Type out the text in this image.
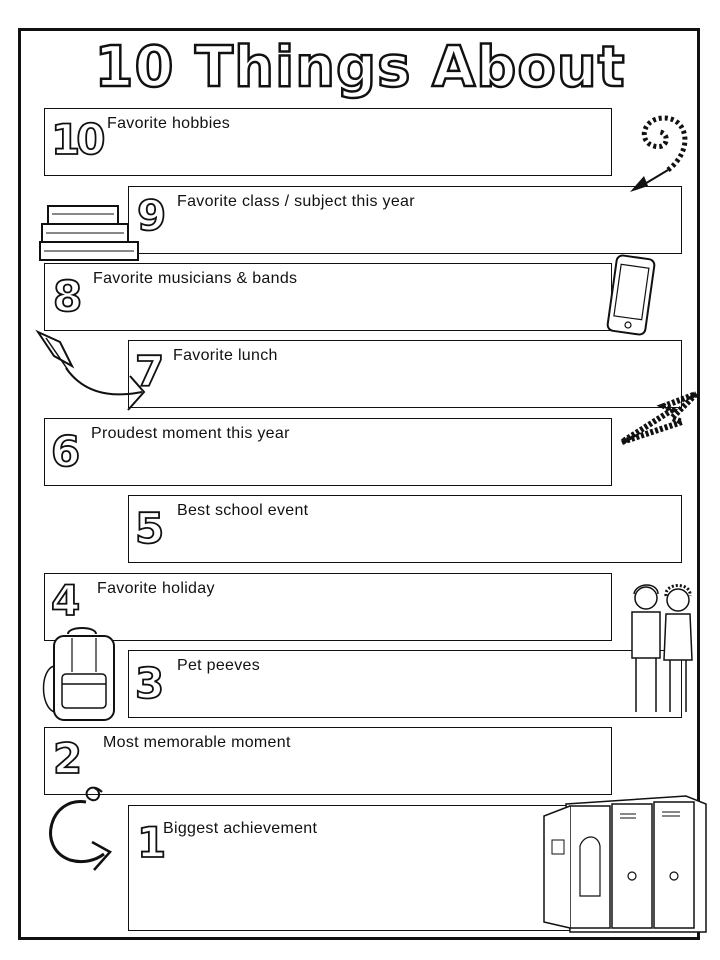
10 Things About
10 Favorite hobbies
9 Favorite class / subject this year
8 Favorite musicians & bands
7 Favorite lunch
6 Proudest moment this year
5 Best school event
4 Favorite holiday
3 Pet peeves
2 Most memorable moment
1
Biggest achievement
